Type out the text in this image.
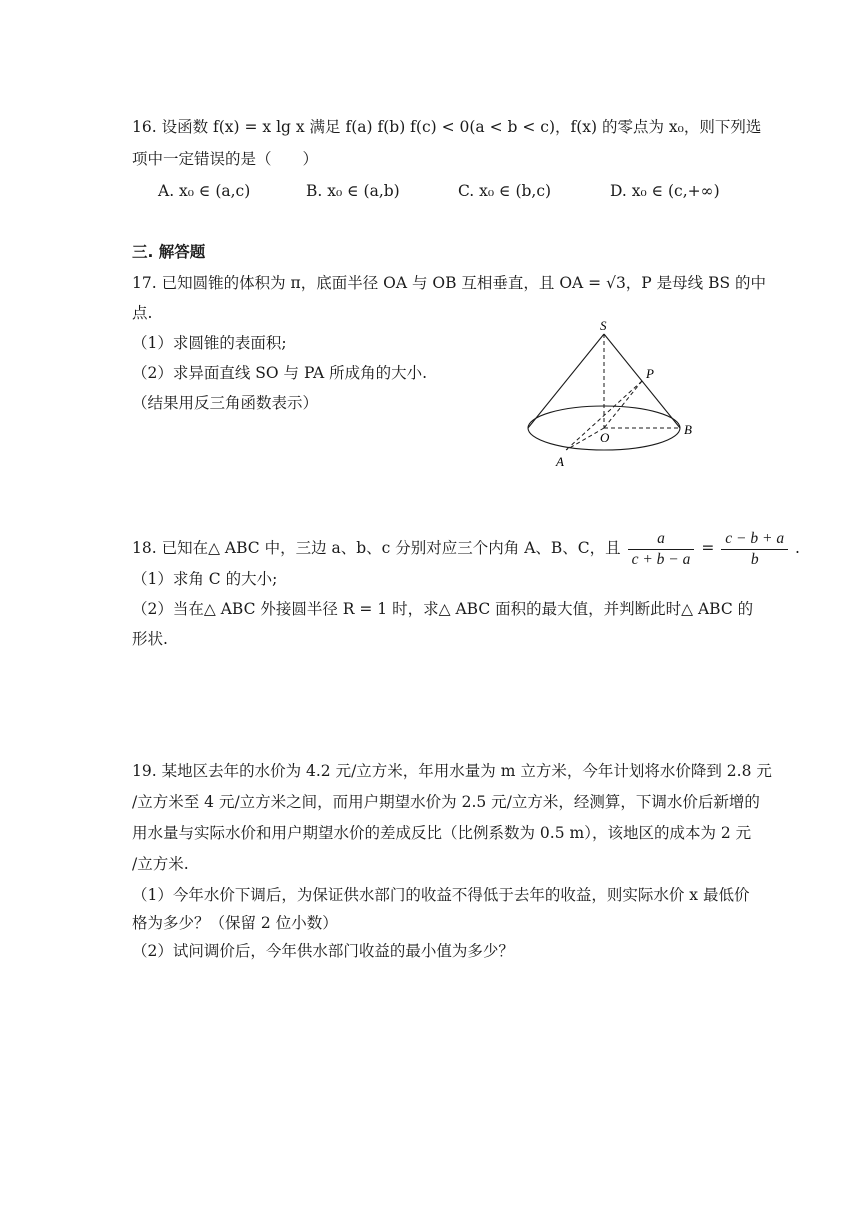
16. 设函数 f(x) = x lg x 满足 f(a) f(b) f(c) < 0(a < b < c)，f(x) 的零点为 x₀，则下列选
项中一定错误的是（　　）
A. x₀ ∈ (a,c)	B. x₀ ∈ (a,b)	C. x₀ ∈ (b,c)	D. x₀ ∈ (c,+∞)
三. 解答题
17. 已知圆锥的体积为 π，底面半径 OA 与 OB 互相垂直，且 OA = √3，P 是母线 BS 的中
点.
（1）求圆锥的表面积;
（2）求异面直线 SO 与 PA 所成角的大小.
（结果用反三角函数表示）
S
P
O
B
A
18. 已知在△ ABC 中，三边 a、b、c 分别对应三个内角 A、B、C，且 $\frac{a}{c + b - a} = \frac{c - b + a}{b}$ .
（1）求角 C 的大小;
（2）当在△ ABC 外接圆半径 R = 1 时，求△ ABC 面积的最大值，并判断此时△ ABC 的
形状.
19. 某地区去年的水价为 4.2 元/立方米，年用水量为 m 立方米，今年计划将水价降到 2.8 元
/立方米至 4 元/立方米之间，而用户期望水价为 2.5 元/立方米，经测算，下调水价后新增的
用水量与实际水价和用户期望水价的差成反比（比例系数为 0.5 m），该地区的成本为 2 元
/立方米.
（1）今年水价下调后，为保证供水部门的收益不得低于去年的收益，则实际水价 x 最低价
格为多少？（保留 2 位小数）
（2）试问调价后，今年供水部门收益的最小值为多少？
